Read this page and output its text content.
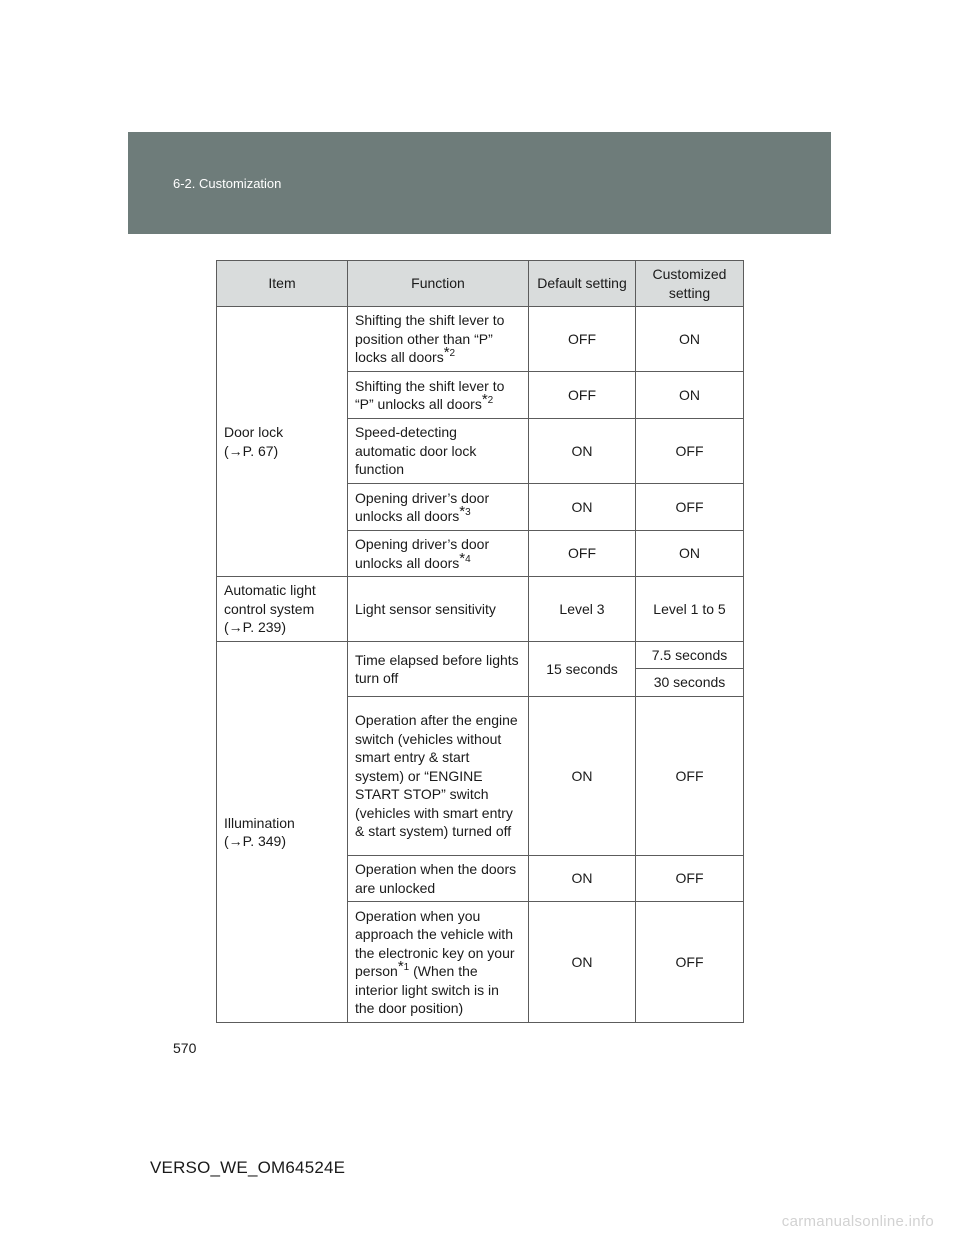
6-2. Customization
Item	Function	Default setting	Customized setting
Door lock
(→P. 67)	Shifting the shift lever to position other than “P” locks all doors$^{*2}$	OFF	ON
	Shifting the shift lever to “P” unlocks all doors$^{*2}$	OFF	ON
	Speed-detecting automatic door lock function	ON	OFF
	Opening driver’s door unlocks all doors$^{*3}$	ON	OFF
	Opening driver’s door unlocks all doors$^{*4}$	OFF	ON
Automatic light
control system
(→P. 239)	Light sensor sensitivity	Level 3	Level 1 to 5
Illumination
(→P. 349)	Time elapsed before lights turn off	15 seconds	7.5 seconds
			30 seconds
	Operation after the engine switch (vehicles without smart entry & start system) or “ENGINE START STOP” switch (vehicles with smart entry & start system) turned off	ON	OFF
	Operation when the doors are unlocked	ON	OFF
	Operation when you approach the vehicle with the electronic key on your person$^{*1}$ (When the interior light switch is in the door position)	ON	OFF
570
VERSO_WE_OM64524E
carmanualsonline.info
